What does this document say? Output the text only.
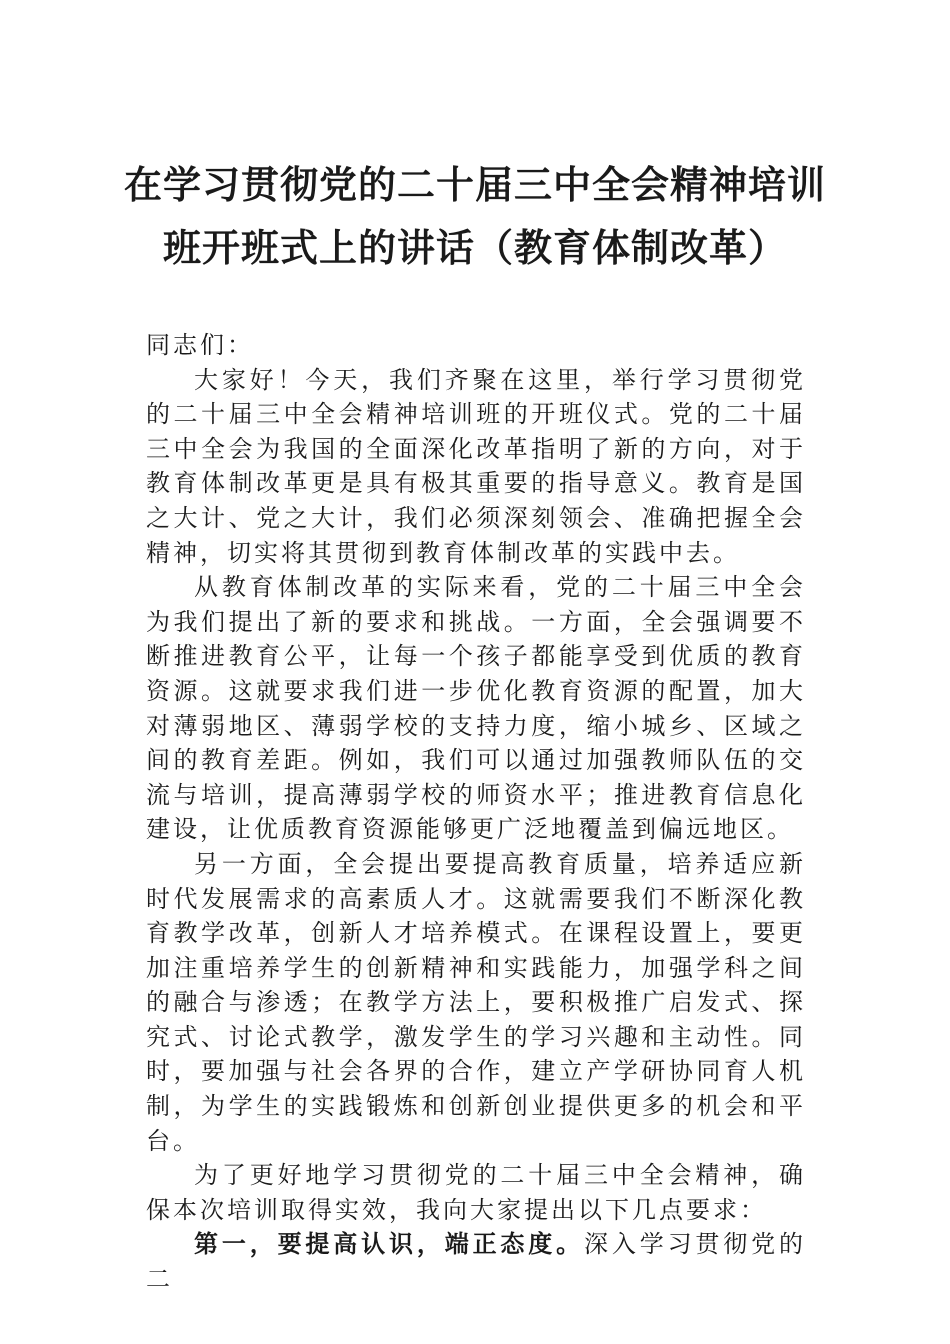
在学习贯彻党的二十届三中全会精神培训
班开班式上的讲话（教育体制改革）

同志们：

大家好！今天，我们齐聚在这里，举行学习贯彻党的二十届三中全会精神培训班的开班仪式。党的二十届三中全会为我国的全面深化改革指明了新的方向，对于教育体制改革更是具有极其重要的指导意义。教育是国之大计、党之大计，我们必须深刻领会、准确把握全会精神，切实将其贯彻到教育体制改革的实践中去。

从教育体制改革的实际来看，党的二十届三中全会为我们提出了新的要求和挑战。一方面，全会强调要不断推进教育公平，让每一个孩子都能享受到优质的教育资源。这就要求我们进一步优化教育资源的配置，加大对薄弱地区、薄弱学校的支持力度，缩小城乡、区域之间的教育差距。例如，我们可以通过加强教师队伍的交流与培训，提高薄弱学校的师资水平；推进教育信息化建设，让优质教育资源能够更广泛地覆盖到偏远地区。

另一方面，全会提出要提高教育质量，培养适应新时代发展需求的高素质人才。这就需要我们不断深化教育教学改革，创新人才培养模式。在课程设置上，要更加注重培养学生的创新精神和实践能力，加强学科之间的融合与渗透；在教学方法上，要积极推广启发式、探究式、讨论式教学，激发学生的学习兴趣和主动性。同时，要加强与社会各界的合作，建立产学研协同育人机制，为学生的实践锻炼和创新创业提供更多的机会和平台。

为了更好地学习贯彻党的二十届三中全会精神，确保本次培训取得实效，我向大家提出以下几点要求：

第一，要提高认识，端正态度。深入学习贯彻党的二
